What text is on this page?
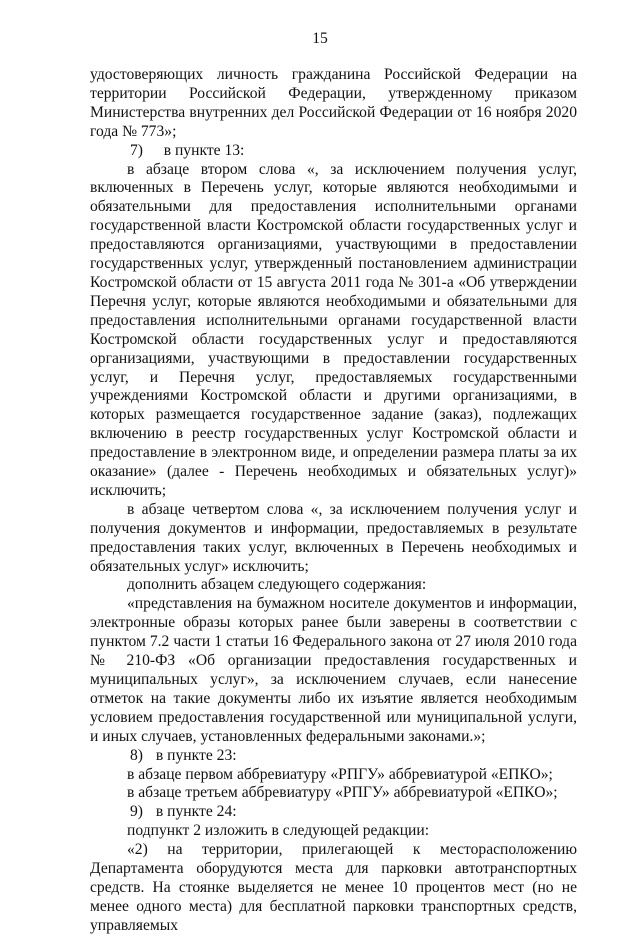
15

удостоверяющих личность гражданина Российской Федерации на территории Российской Федерации, утвержденному приказом Министерства внутренних дел Российской Федерации от 16 ноября 2020 года № 773»;

7) в пункте 13:

в абзаце втором слова «, за исключением получения услуг, включенных в Перечень услуг, которые являются необходимыми и обязательными для предоставления исполнительными органами государственной власти Костромской области государственных услуг и предоставляются организациями, участвующими в предоставлении государственных услуг, утвержденный постановлением администрации Костромской области от 15 августа 2011 года № 301-а «Об утверждении Перечня услуг, которые являются необходимыми и обязательными для предоставления исполнительными органами государственной власти Костромской области государственных услуг и предоставляются организациями, участвующими в предоставлении государственных услуг, и Перечня услуг, предоставляемых государственными учреждениями Костромской области и другими организациями, в которых размещается государственное задание (заказ), подлежащих включению в реестр государственных услуг Костромской области и предоставление в электронном виде, и определении размера платы за их оказание» (далее - Перечень необходимых и обязательных услуг)» исключить;

в абзаце четвертом слова «, за исключением получения услуг и получения документов и информации, предоставляемых в результате предоставления таких услуг, включенных в Перечень необходимых и обязательных услуг» исключить;

дополнить абзацем следующего содержания:

«представления на бумажном носителе документов и информации, электронные образы которых ранее были заверены в соответствии с пунктом 7.2 части 1 статьи 16 Федерального закона от 27 июля 2010 года № 210-ФЗ «Об организации предоставления государственных и муниципальных услуг», за исключением случаев, если нанесение отметок на такие документы либо их изъятие является необходимым условием предоставления государственной или муниципальной услуги, и иных случаев, установленных федеральными законами.»;

8) в пункте 23:

в абзаце первом аббревиатуру «РПГУ» аббревиатурой «ЕПКО»;

в абзаце третьем аббревиатуру «РПГУ» аббревиатурой «ЕПКО»;

9) в пункте 24:

подпункт 2 изложить в следующей редакции:

«2) на территории, прилегающей к месторасположению Департамента оборудуются места для парковки автотранспортных средств. На стоянке выделяется не менее 10 процентов мест (но не менее одного места) для бесплатной парковки транспортных средств, управляемых
